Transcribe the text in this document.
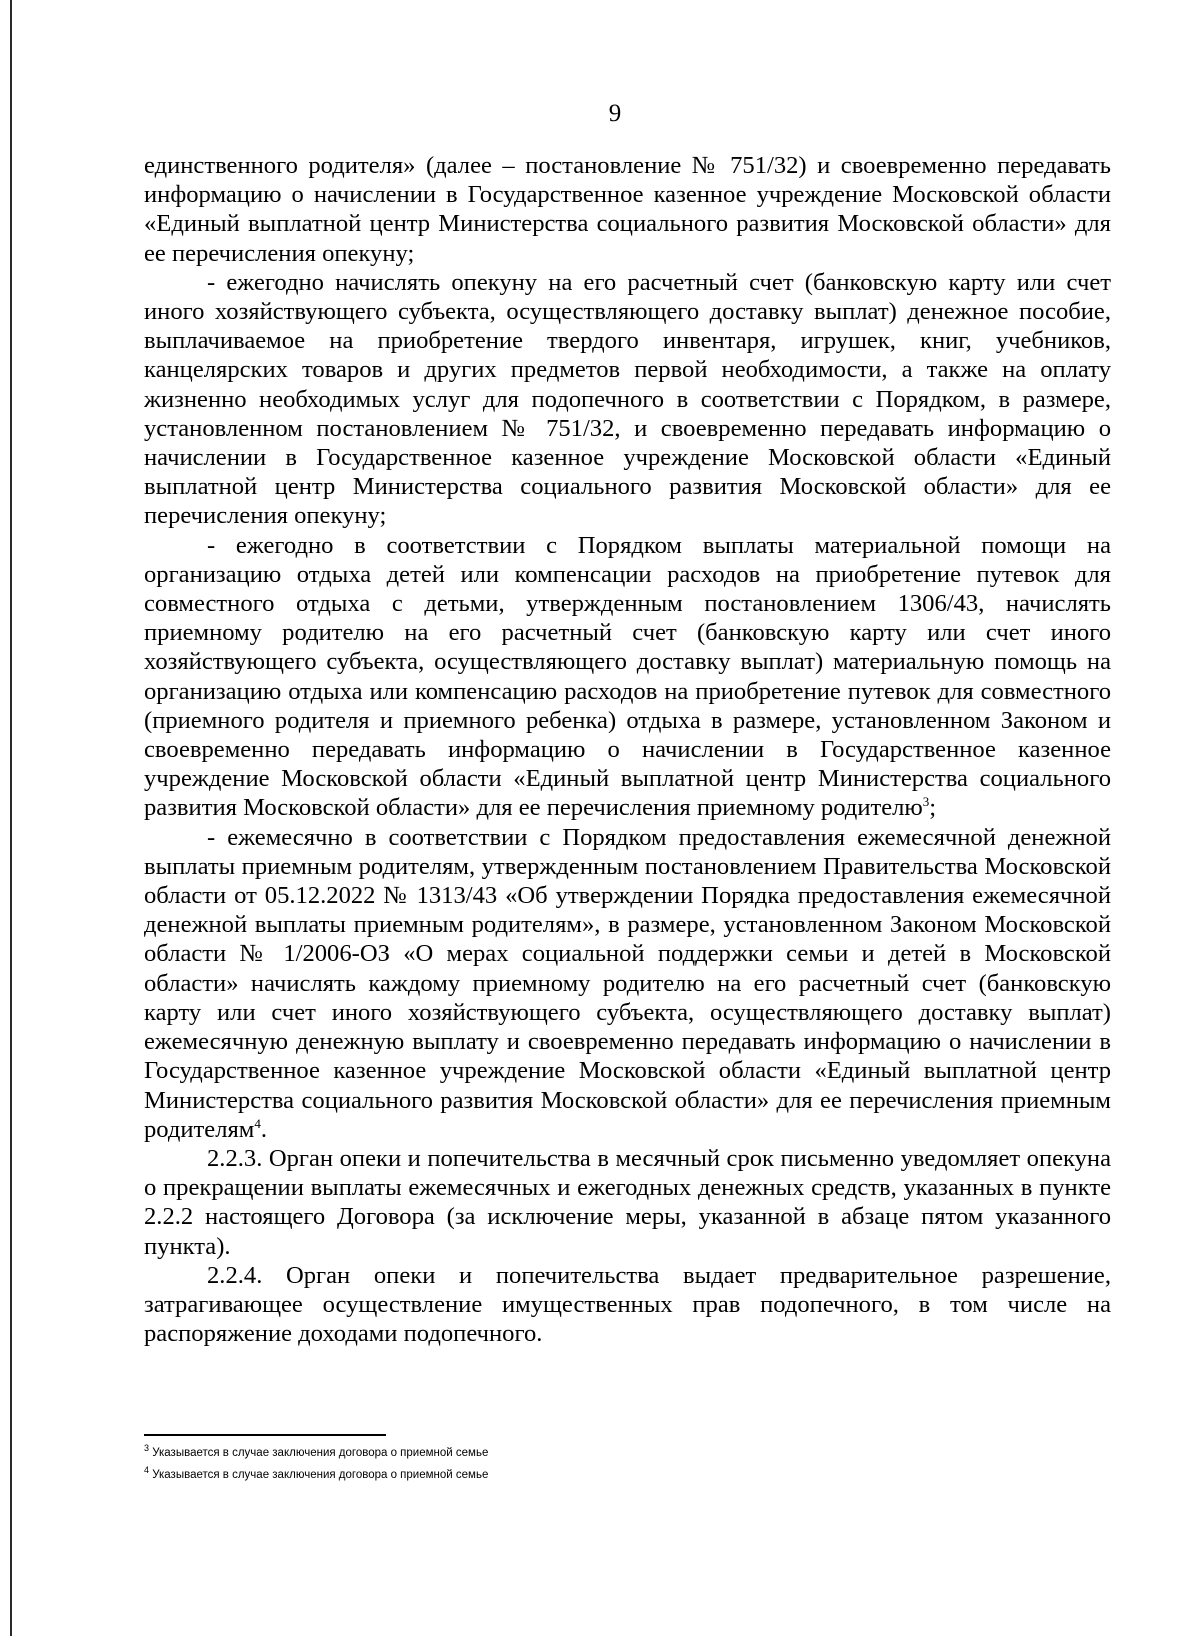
9

единственного родителя» (далее – постановление № 751/32) и своевременно передавать информацию о начислении в Государственное казенное учреждение Московской области «Единый выплатной центр Министерства социального развития Московской области» для ее перечисления опекуну;

- ежегодно начислять опекуну на его расчетный счет (банковскую карту или счет иного хозяйствующего субъекта, осуществляющего доставку выплат) денежное пособие, выплачиваемое на приобретение твердого инвентаря, игрушек, книг, учебников, канцелярских товаров и других предметов первой необходимости, а также на оплату жизненно необходимых услуг для подопечного в соответствии с Порядком, в размере, установленном постановлением № 751/32, и своевременно передавать информацию о начислении в Государственное казенное учреждение Московской области «Единый выплатной центр Министерства социального развития Московской области» для ее перечисления опекуну;

- ежегодно в соответствии с Порядком выплаты материальной помощи на организацию отдыха детей или компенсации расходов на приобретение путевок для совместного отдыха с детьми, утвержденным постановлением 1306/43, начислять приемному родителю на его расчетный счет (банковскую карту или счет иного хозяйствующего субъекта, осуществляющего доставку выплат) материальную помощь на организацию отдыха или компенсацию расходов на приобретение путевок для совместного (приемного родителя и приемного ребенка) отдыха в размере, установленном Законом и своевременно передавать информацию о начислении в Государственное казенное учреждение Московской области «Единый выплатной центр Министерства социального развития Московской области» для ее перечисления приемному родителю$^3$;

- ежемесячно в соответствии с Порядком предоставления ежемесячной денежной выплаты приемным родителям, утвержденным постановлением Правительства Московской области от 05.12.2022 № 1313/43 «Об утверждении Порядка предоставления ежемесячной денежной выплаты приемным родителям», в размере, установленном Законом Московской области № 1/2006-ОЗ «О мерах социальной поддержки семьи и детей в Московской области» начислять каждому приемному родителю на его расчетный счет (банковскую карту или счет иного хозяйствующего субъекта, осуществляющего доставку выплат) ежемесячную денежную выплату и своевременно передавать информацию о начислении в Государственное казенное учреждение Московской области «Единый выплатной центр Министерства социального развития Московской области» для ее перечисления приемным родителям$^4$.

2.2.3. Орган опеки и попечительства в месячный срок письменно уведомляет опекуна о прекращении выплаты ежемесячных и ежегодных денежных средств, указанных в пункте 2.2.2 настоящего Договора (за исключение меры, указанной в абзаце пятом указанного пункта).

2.2.4. Орган опеки и попечительства выдает предварительное разрешение, затрагивающее осуществление имущественных прав подопечного, в том числе на распоряжение доходами подопечного.

$^3$ Указывается в случае заключения договора о приемной семье

$^4$ Указывается в случае заключения договора о приемной семье
